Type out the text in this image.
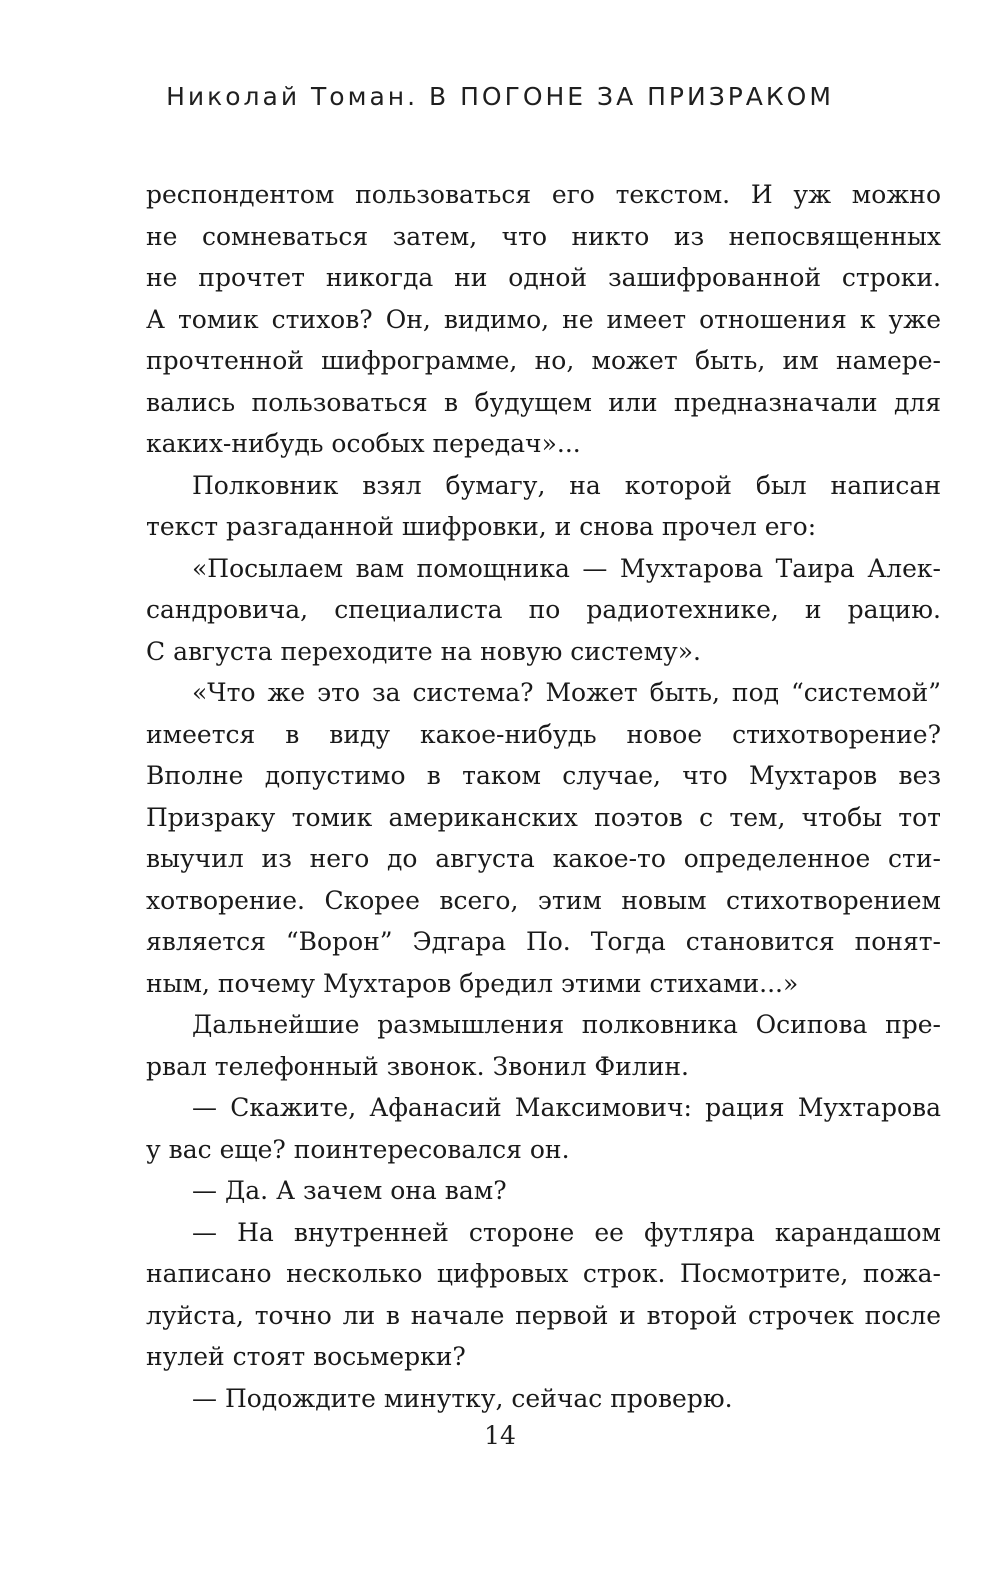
Николай Томан. В ПОГОНЕ ЗА ПРИЗРАКОМ
респондентом пользоваться его текстом. И уж можно
не сомневаться затем, что никто из непосвященных
не прочтет никогда ни одной зашифрованной строки.
А томик стихов? Он, видимо, не имеет отношения к уже
прочтенной шифрограмме, но, может быть, им намере-
вались пользоваться в будущем или предназначали для
каких-нибудь особых передач»...
Полковник взял бумагу, на которой был написан
текст разгаданной шифровки, и снова прочел его:
«Посылаем вам помощника — Мухтарова Таира Алек-
сандровича, специалиста по радиотехнике, и рацию.
С августа переходите на новую систему».
«Что же это за система? Может быть, под “системой”
имеется в виду какое-нибудь новое стихотворение?
Вполне допустимо в таком случае, что Мухтаров вез
Призраку томик американских поэтов с тем, чтобы тот
выучил из него до августа какое-то определенное сти-
хотворение. Скорее всего, этим новым стихотворением
является “Ворон” Эдгара По. Тогда становится понят-
ным, почему Мухтаров бредил этими стихами...»
Дальнейшие размышления полковника Осипова пре-
рвал телефонный звонок. Звонил Филин.
— Скажите, Афанасий Максимович: рация Мухтарова
у вас еще? поинтересовался он.
— Да. А зачем она вам?
— На внутренней стороне ее футляра карандашом
написано несколько цифровых строк. Посмотрите, пожа-
луйста, точно ли в начале первой и второй строчек после
нулей стоят восьмерки?
— Подождите минутку, сейчас проверю.
14
